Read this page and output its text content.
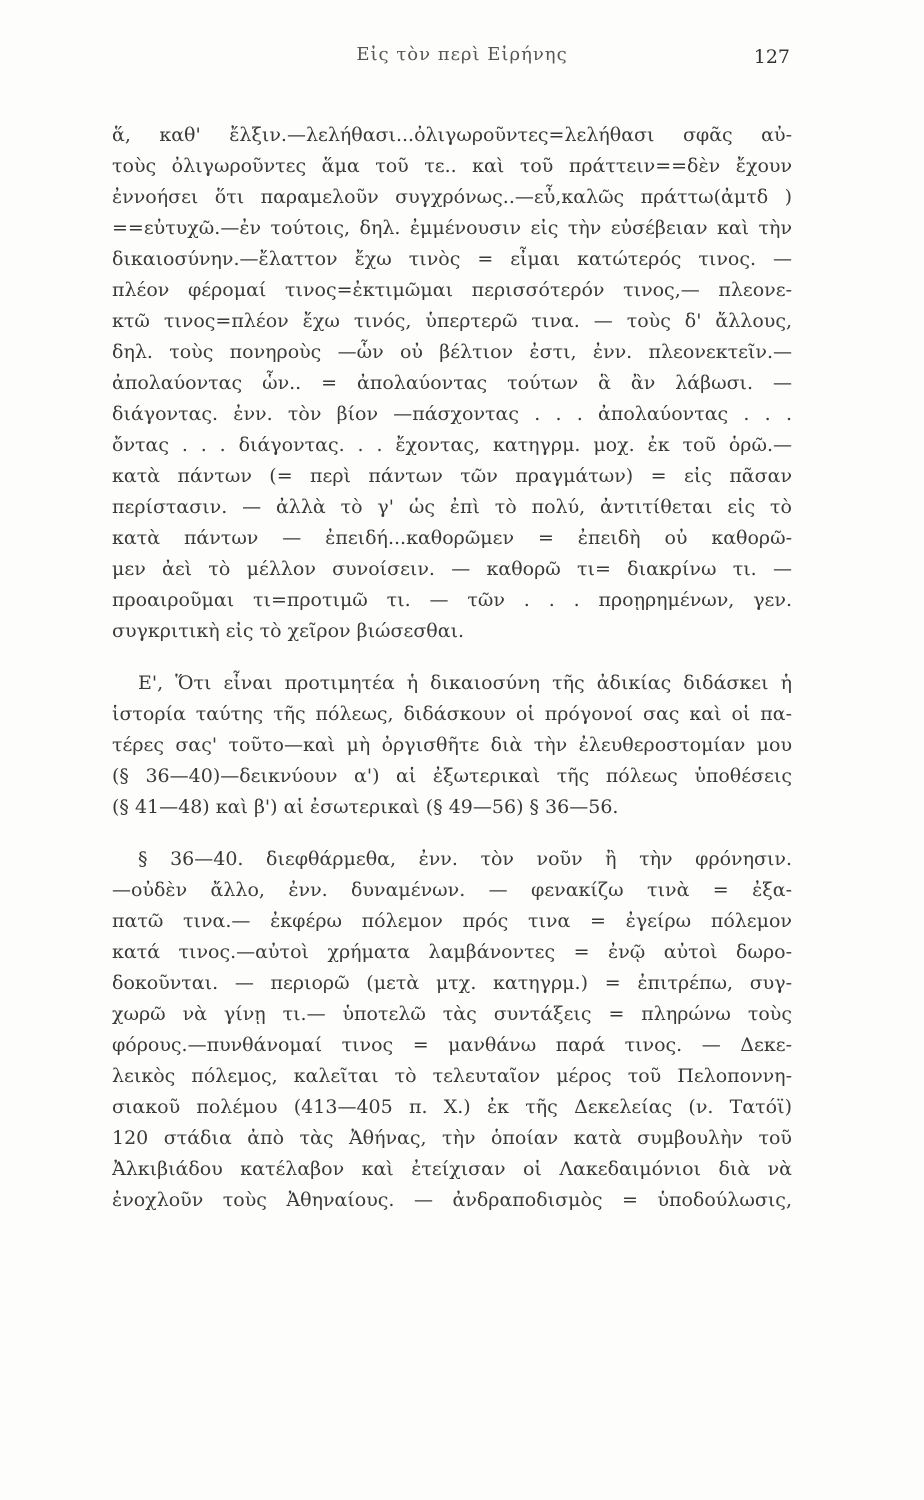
Εἰς τὸν περὶ Εἰρήνης	127
ἅ, καθ' ἔλξιν.—λελήθασι...ὀλιγωροῦντες=λελήθασι σφᾶς αὐ-
τοὺς ὀλιγωροῦντες ἅμα τοῦ τε.. καὶ τοῦ πράττειν==δὲν ἔχουν
ἐννοήσει ὅτι παραμελοῦν συγχρόνως..—εὖ,καλῶς πράττω(ἀμτδ )
==εὐτυχῶ.—ἐν τούτοις, δηλ. ἐμμένουσιν εἰς τὴν εὐσέβειαν καὶ τὴν
δικαιοσύνην.—ἔλαττον ἔχω τινὸς = εἶμαι κατώτερός τινος. —
πλέον φέρομαί τινος=ἐκτιμῶμαι περισσότερόν τινος,— πλεονε-
κτῶ τινος=πλέον ἔχω τινός, ὑπερτερῶ τινα. — τοὺς δ' ἄλλους,
δηλ. τοὺς πονηροὺς —ὧν οὐ βέλτιον ἐστι, ἐνν. πλεονεκτεῖν.—
ἀπολαύοντας ὧν.. = ἀπολαύοντας τούτων ἃ ἂν λάβωσι. —
διάγοντας. ἐνν. τὸν βίον —πάσχοντας . . . ἀπολαύοντας . . .
ὄντας . . . διάγοντας. . . ἔχοντας, κατηγρμ. μοχ. ἐκ τοῦ ὁρῶ.—
κατὰ πάντων (= περὶ πάντων τῶν πραγμάτων) = εἰς πᾶσαν
περίστασιν. — ἀλλὰ τὸ γ' ὡς ἐπὶ τὸ πολύ, ἀντιτίθεται εἰς τὸ
κατὰ πάντων — ἐπειδή...καθορῶμεν = ἐπειδὴ οὐ καθορῶ-
μεν ἀεὶ τὸ μέλλον συνοίσειν. — καθορῶ τι= διακρίνω τι. —
προαιροῦμαι τι=προτιμῶ τι. — τῶν . . . προῃρημένων, γεν.
συγκριτικὴ εἰς τὸ χεῖρον βιώσεσθαι.
Ε', Ὅτι εἶναι προτιμητέα ἡ δικαιοσύνη τῆς ἀδικίας διδάσκει ἡ
ἱστορία ταύτης τῆς πόλεως, διδάσκουν οἱ πρόγονοί σας καὶ οἱ πα-
τέρες σας' τοῦτο—καὶ μὴ ὀργισθῆτε διὰ τὴν ἐλευθεροστομίαν μου
(§ 36—40)—δεικνύουν α') αἱ ἐξωτερικαὶ τῆς πόλεως ὑποθέσεις
(§ 41—48) καὶ β') αἱ ἐσωτερικαὶ (§ 49—56) § 36—56.
§ 36—40. διεφθάρμεθα, ἐνν. τὸν νοῦν ἢ τὴν φρόνησιν.
—οὐδὲν ἄλλο, ἐνν. δυναμένων. — φενακίζω τινὰ = ἐξα-
πατῶ τινα.— ἐκφέρω πόλεμον πρός τινα = ἐγείρω πόλεμον
κατά τινος.—αὐτοὶ χρήματα λαμβάνοντες = ἐνῷ αὐτοὶ δωρο-
δοκοῦνται. — περιορῶ (μετὰ μτχ. κατηγρμ.) = ἐπιτρέπω, συγ-
χωρῶ νὰ γίνῃ τι.— ὑποτελῶ τὰς συντάξεις = πληρώνω τοὺς
φόρους.—πυνθάνομαί τινος = μανθάνω παρά τινος. — Δεκε-
λεικὸς πόλεμος, καλεῖται τὸ τελευταῖον μέρος τοῦ Πελοποννη-
σιακοῦ πολέμου (413—405 π. Χ.) ἐκ τῆς Δεκελείας (ν. Τατόϊ)
120 στάδια ἀπὸ τὰς Ἀθήνας, τὴν ὁποίαν κατὰ συμβουλὴν τοῦ
Ἀλκιβιάδου κατέλαβον καὶ ἐτείχισαν οἱ Λακεδαιμόνιοι διὰ νὰ
ἐνοχλοῦν τοὺς Ἀθηναίους. — ἀνδραποδισμὸς = ὑποδούλωσις,
